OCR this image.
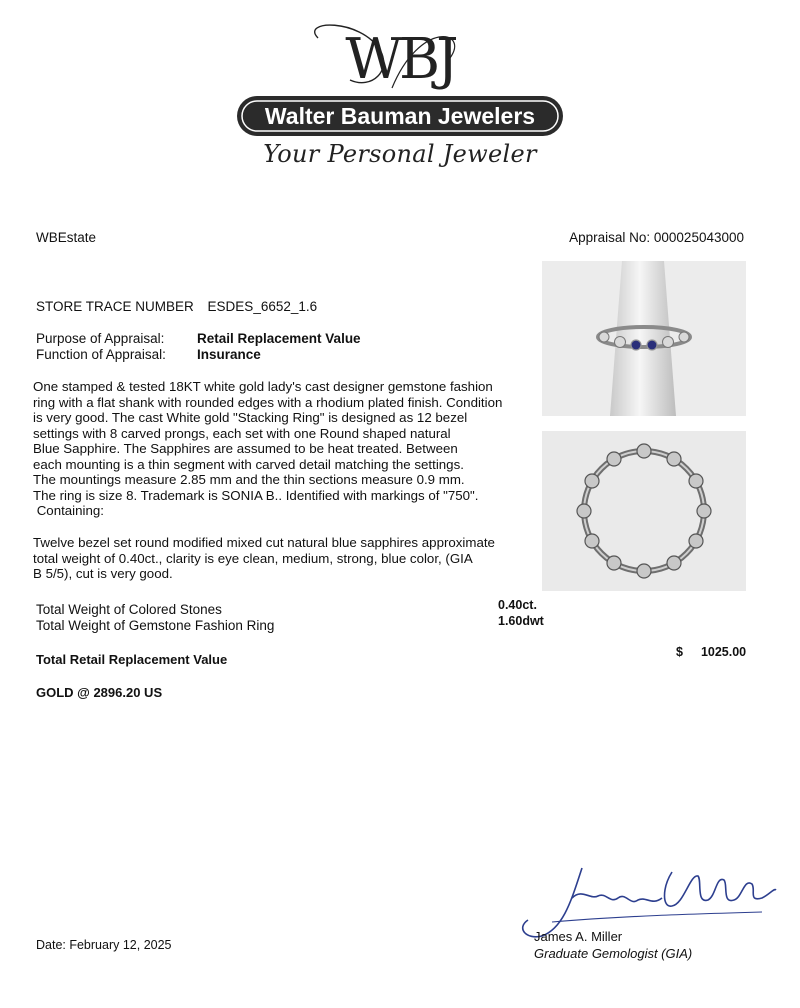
WBJ
Walter Bauman Jewelers
Your Personal Jeweler
WBEstate	Appraisal No: 000025043000
STORE TRACE NUMBER ESDES_6652_1.6
Purpose of Appraisal: Retail Replacement Value
Function of Appraisal: Insurance
One stamped & tested 18KT white gold lady's cast designer gemstone fashion
ring with a flat shank with rounded edges with a rhodium plated finish. Condition
is very good. The cast White gold "Stacking Ring" is designed as 12 bezel
settings with 8 carved prongs, each set with one Round shaped natural
Blue Sapphire. The Sapphires are assumed to be heat treated. Between
each mounting is a thin segment with carved detail matching the settings.
The mountings measure 2.85 mm and the thin sections measure 0.9 mm.
The ring is size 8. Trademark is SONIA B.. Identified with markings of "750".
Containing:
Twelve bezel set round modified mixed cut natural blue sapphires approximate
total weight of 0.40ct., clarity is eye clean, medium, strong, blue color, (GIA
B 5/5), cut is very good.
Total Weight of Colored Stones	0.40ct.
Total Weight of Gemstone Fashion Ring	1.60dwt
Total Retail Replacement Value	$ 1025.00
GOLD @ 2896.20 US
James A. Miller
Graduate Gemologist (GIA)
Date: February 12, 2025
